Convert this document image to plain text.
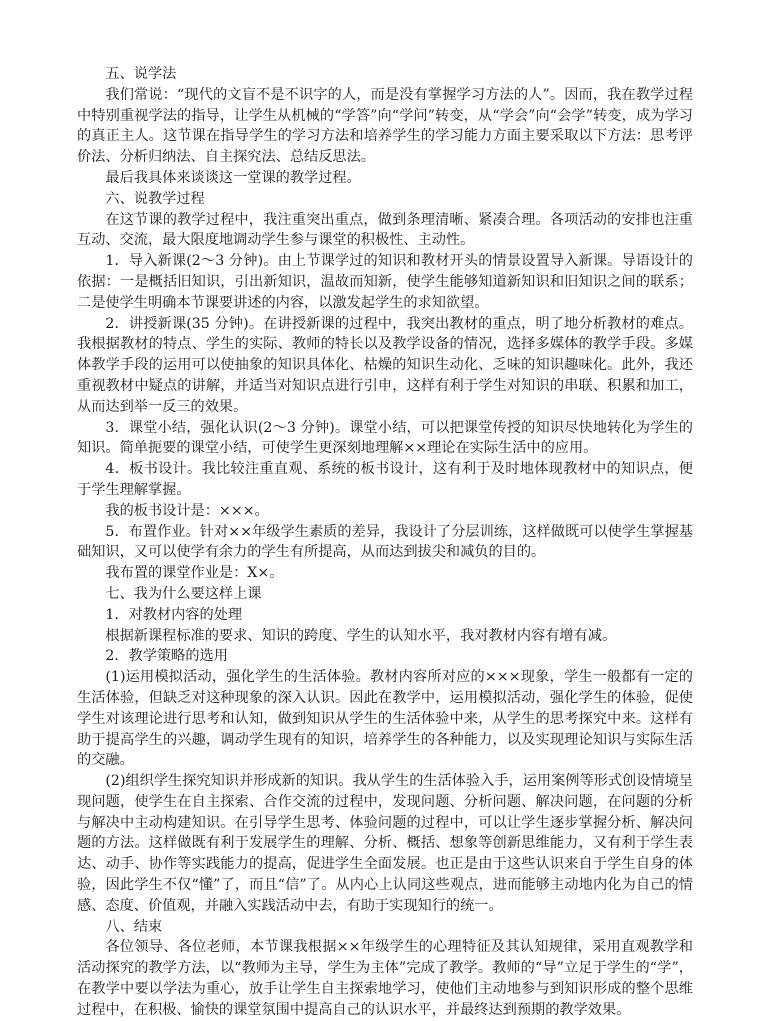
五、说学法

我们常说：“现代的文盲不是不识字的人，而是没有掌握学习方法的人”。因而，我在教学过程中特别重视学法的指导，让学生从机械的“学答”向“学问”转变，从“学会”向“会学”转变，成为学习的真正主人。这节课在指导学生的学习方法和培养学生的学习能力方面主要采取以下方法：思考评价法、分析归纳法、自主探究法、总结反思法。

最后我具体来谈谈这一堂课的教学过程。

六、说教学过程

在这节课的教学过程中，我注重突出重点，做到条理清晰、紧凑合理。各项活动的安排也注重互动、交流，最大限度地调动学生参与课堂的积极性、主动性。

1．导入新课(2～3 分钟)。由上节课学过的知识和教材开头的情景设置导入新课。导语设计的依据：一是概括旧知识，引出新知识，温故而知新，使学生能够知道新知识和旧知识之间的联系；二是使学生明确本节课要讲述的内容，以激发起学生的求知欲望。

2．讲授新课(35 分钟)。在讲授新课的过程中，我突出教材的重点，明了地分析教材的难点。我根据教材的特点、学生的实际、教师的特长以及教学设备的情况，选择多媒体的教学手段。多媒体教学手段的运用可以使抽象的知识具体化、枯燥的知识生动化、乏味的知识趣味化。此外，我还重视教材中疑点的讲解，并适当对知识点进行引申，这样有利于学生对知识的串联、积累和加工，从而达到举一反三的效果。

3．课堂小结，强化认识(2～3 分钟)。课堂小结，可以把课堂传授的知识尽快地转化为学生的知识。简单扼要的课堂小结，可使学生更深刻地理解××理论在实际生活中的应用。

4．板书设计。我比较注重直观、系统的板书设计，这有利于及时地体现教材中的知识点，便于学生理解掌握。

我的板书设计是：×××。

5．布置作业。针对××年级学生素质的差异，我设计了分层训练，这样做既可以使学生掌握基础知识，又可以使学有余力的学生有所提高，从而达到拔尖和减负的目的。

我布置的课堂作业是：X×。

七、我为什么要这样上课

1．对教材内容的处理

根据新课程标准的要求、知识的跨度、学生的认知水平，我对教材内容有增有减。

2．教学策略的选用

(1)运用模拟活动，强化学生的生活体验。教材内容所对应的×××现象，学生一般都有一定的生活体验，但缺乏对这种现象的深入认识。因此在教学中，运用模拟活动，强化学生的体验，促使学生对该理论进行思考和认知，做到知识从学生的生活体验中来，从学生的思考探究中来。这样有助于提高学生的兴趣，调动学生现有的知识，培养学生的各种能力，以及实现理论知识与实际生活的交融。

(2)组织学生探究知识并形成新的知识。我从学生的生活体验入手，运用案例等形式创设情境呈现问题，使学生在自主探索、合作交流的过程中，发现问题、分析问题、解决问题，在问题的分析与解决中主动构建知识。在引导学生思考、体验问题的过程中，可以让学生逐步掌握分析、解决问题的方法。这样做既有利于发展学生的理解、分析、概括、想象等创新思维能力，又有利于学生表达、动手、协作等实践能力的提高，促进学生全面发展。也正是由于这些认识来自于学生自身的体验，因此学生不仅“懂”了，而且“信”了。从内心上认同这些观点，进而能够主动地内化为自己的情感、态度、价值观，并融入实践活动中去，有助于实现知行的统一。

八、结束

各位领导、各位老师，本节课我根据××年级学生的心理特征及其认知规律，采用直观教学和活动探究的教学方法，以“教师为主导，学生为主体”完成了教学。教师的“导”立足于学生的“学”，在教学中要以学法为重心，放手让学生自主探索地学习，使他们主动地参与到知识形成的整个思维过程中，在积极、愉快的课堂氛围中提高自己的认识水平，并最终达到预期的教学效果。
